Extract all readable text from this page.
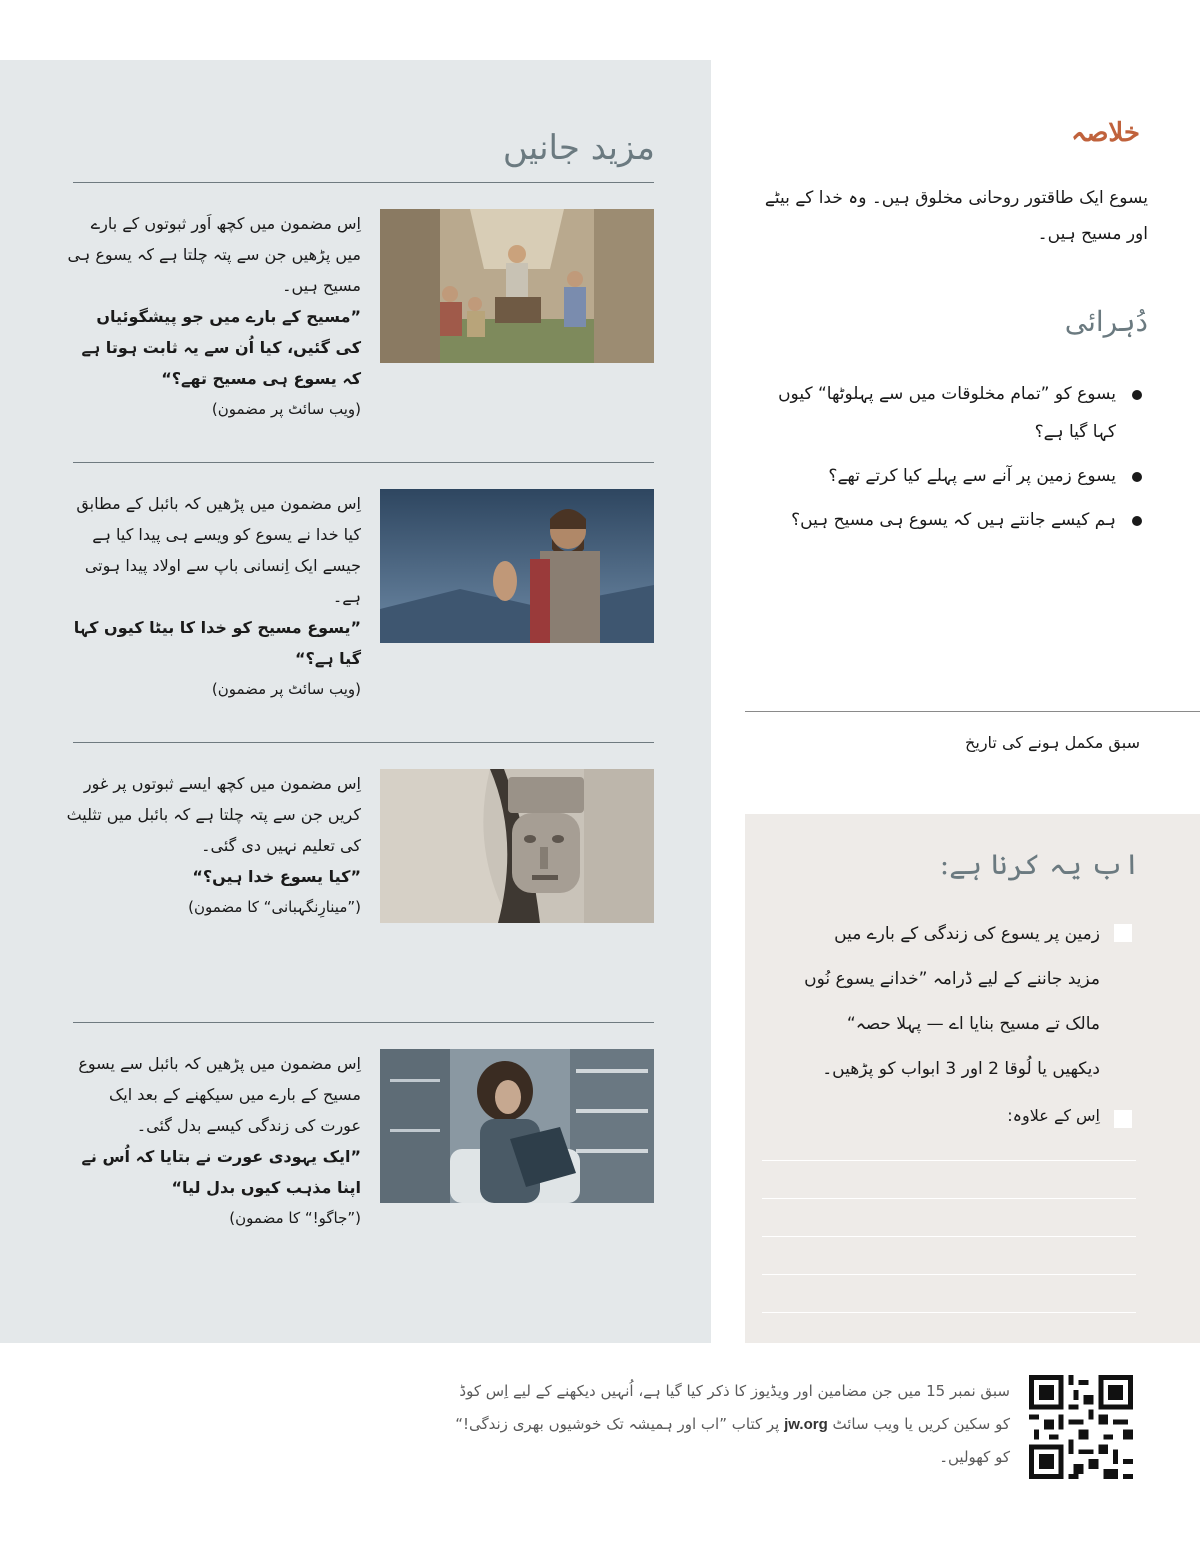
مزید جانیں
اِس مضمون میں کچھ اَور ثبوتوں کے بارے میں پڑھیں جن سے پتہ چلتا ہے کہ یسوع ہی مسیح ہیں۔
”مسیح کے بارے میں جو پیشگوئیاں کی گئیں، کیا اُن سے یہ ثابت ہوتا ہے کہ یسوع ہی مسیح تھے؟“
(ویب سائٹ پر مضمون)
اِس مضمون میں پڑھیں کہ بائبل کے مطابق کیا خدا نے یسوع کو ویسے ہی پیدا کیا ہے جیسے ایک اِنسانی باپ سے اولاد پیدا ہوتی ہے۔
”یسوع مسیح کو خدا کا بیٹا کیوں کہا گیا ہے؟“
(ویب سائٹ پر مضمون)
اِس مضمون میں کچھ ایسے ثبوتوں پر غور کریں جن سے پتہ چلتا ہے کہ بائبل میں تثلیث کی تعلیم نہیں دی گئی۔
”کیا یسوع خدا ہیں؟“
(”مینارِنگہبانی“ کا مضمون)
اِس مضمون میں پڑھیں کہ بائبل سے یسوع مسیح کے بارے میں سیکھنے کے بعد ایک عورت کی زندگی کیسے بدل گئی۔
”ایک یہودی عورت نے بتایا کہ اُس نے اپنا مذہب کیوں بدل لیا“
(”جاگو!“ کا مضمون)
خلاصہ
یسوع ایک طاقتور روحانی مخلوق ہیں۔ وہ خدا کے بیٹے اور مسیح ہیں۔
دُہرائی
یسوع کو ”تمام مخلوقات میں سے پہلوٹھا“ کیوں کہا گیا ہے؟
یسوع زمین پر آنے سے پہلے کیا کرتے تھے؟
ہم کیسے جانتے ہیں کہ یسوع ہی مسیح ہیں؟
سبق مکمل ہونے کی تاریخ
اب یہ کرنا ہے:
زمین پر یسوع کی زندگی کے بارے میں مزید جاننے کے لیے ڈرامہ ”خدانے یسوع نُوں مالک تے مسیح بنایا اے — پہلا حصہ“ دیکھیں یا لُوقا 2 اور 3 ابواب کو پڑھیں۔
اِس کے علاوہ:
سبق نمبر 15 میں جن مضامین اور ویڈیوز کا ذکر کیا گیا ہے، اُنہیں دیکھنے کے لیے اِس کوڈ کو سکین کریں یا ویب سائٹ jw.org پر کتاب ”اب اور ہمیشہ تک خوشیوں بھری زندگی!“ کو کھولیں۔
